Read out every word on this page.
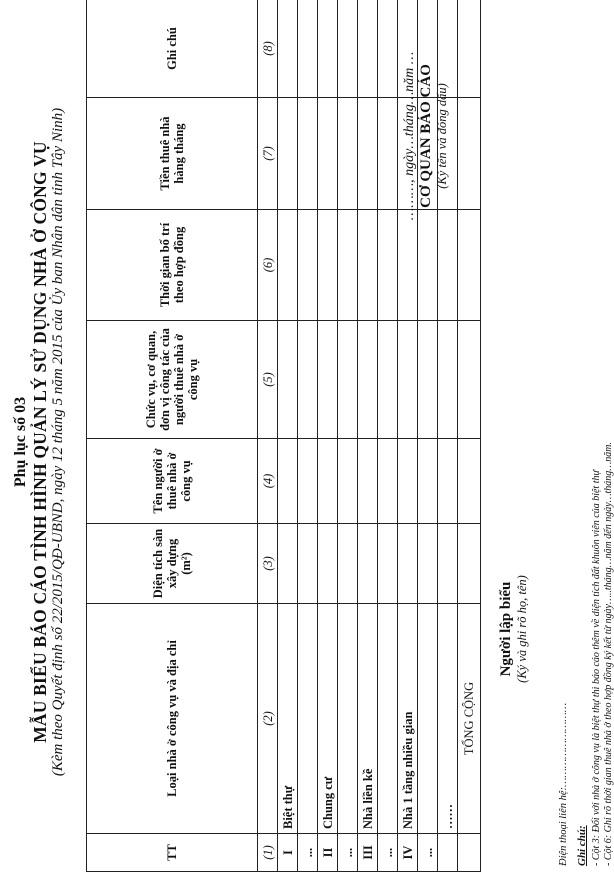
Phụ lục số 03 MẪU BIỂU BÁO CÁO TÌNH HÌNH QUẢN LÝ SỬ DỤNG NHÀ Ở CÔNG VỤ (Kèm theo Quyết định số 22/2015/QĐ-UBND, ngày 12 tháng 5 năm 2015 của Ủy ban Nhân dân tỉnh Tây Ninh)
TT	Loại nhà ở công vụ và địa chỉ	Diện tích sàn xây dựng (m²)	Tên người ở thuê nhà ở công vụ	Chức vụ, cơ quan, đơn vị công tác của người thuê nhà ở công vụ	Thời gian bố trí theo hợp đồng	Tiền thuê nhà hàng tháng	Ghi chú
(1)	(2)	(3)	(4)	(5)	(6)	(7)	(8)
I	Biệt thự						
...							
II	Chung cư						
...							
III	Nhà liền kề						
...							
IV	Nhà 1 tầng nhiều gian						
...							
	……						
	TỔNG CỘNG						
Người lập biểu (Ký và ghi rõ họ, tên)
………, ngày…tháng…năm … CƠ QUAN BÁO CÁO (Ký tên và đóng dấu)
Điện thoại liên hệ:……………………… Ghi chú: - Cột 3: Đối với nhà ở công vụ là biệt thự thì báo cáo thêm về diện tích đất khuôn viên của biệt thự - Cột 6: Ghi rõ thời gian thuê nhà ở theo hợp đồng ký kết từ ngày…..tháng…năm đến ngày…tháng…năm.
